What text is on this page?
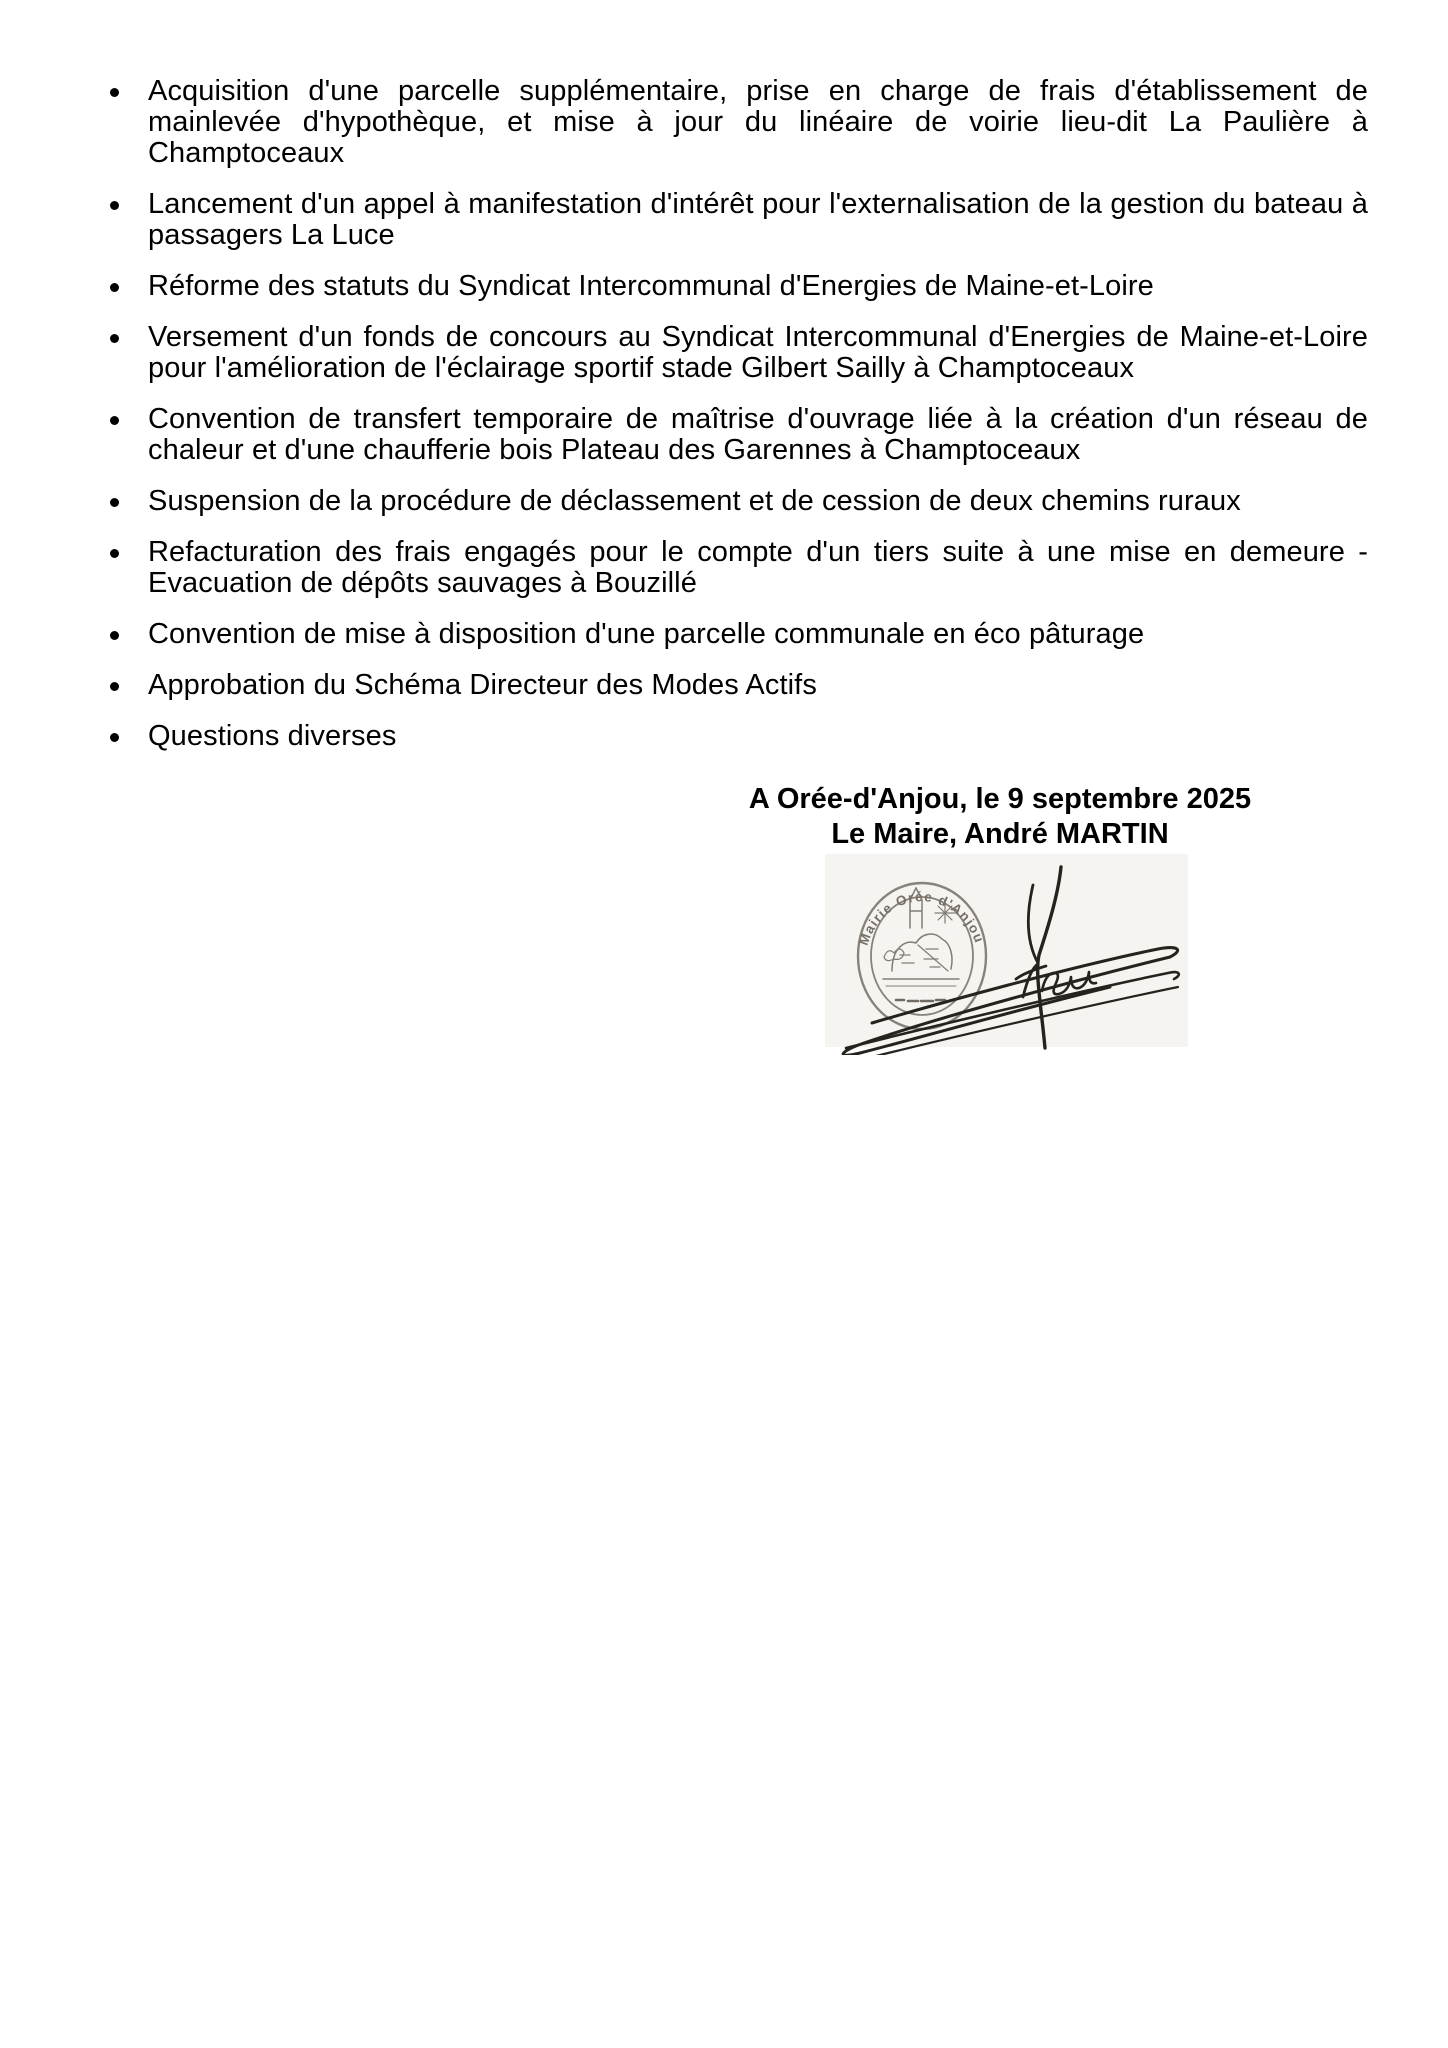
Acquisition d'une parcelle supplémentaire, prise en charge de frais d'établissement de mainlevée d'hypothèque, et mise à jour du linéaire de voirie lieu-dit La Paulière à Champtoceaux
Lancement d'un appel à manifestation d'intérêt pour l'externalisation de la gestion du bateau à passagers La Luce
Réforme des statuts du Syndicat Intercommunal d'Energies de Maine-et-Loire
Versement d'un fonds de concours au Syndicat Intercommunal d'Energies de Maine-et-Loire pour l'amélioration de l'éclairage sportif stade Gilbert Sailly à Champtoceaux
Convention de transfert temporaire de maîtrise d'ouvrage liée à la création d'un réseau de chaleur et d'une chaufferie bois Plateau des Garennes à Champtoceaux
Suspension de la procédure de déclassement et de cession de deux chemins ruraux
Refacturation des frais engagés pour le compte d'un tiers suite à une mise en demeure - Evacuation de dépôts sauvages à Bouzillé
Convention de mise à disposition d'une parcelle communale en éco pâturage
Approbation du Schéma Directeur des Modes Actifs
Questions diverses
A Orée-d'Anjou, le 9 septembre 2025
Le Maire, André MARTIN
Mairie Orée d'Anjou
